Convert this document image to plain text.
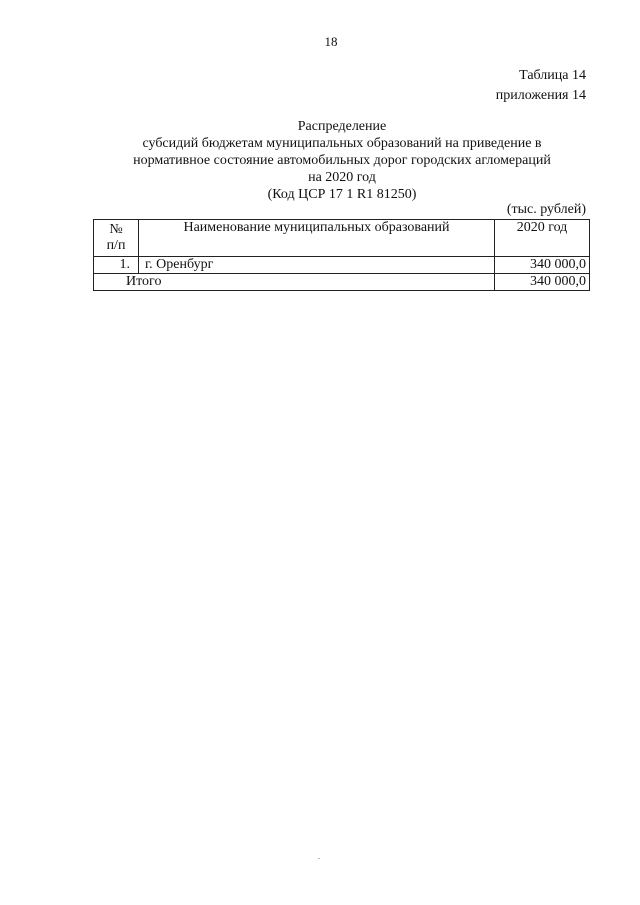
18
Таблица 14
приложения 14
Распределение
субсидий бюджетам муниципальных образований на приведение в
нормативное состояние автомобильных дорог городских агломераций
на 2020 год
(Код ЦСР 17 1 R1 81250)
(тыс. рублей)
№
п/п	Наименование муниципальных образований	2020 год
1.	г. Оренбург	340 000,0
Итого		340 000,0
